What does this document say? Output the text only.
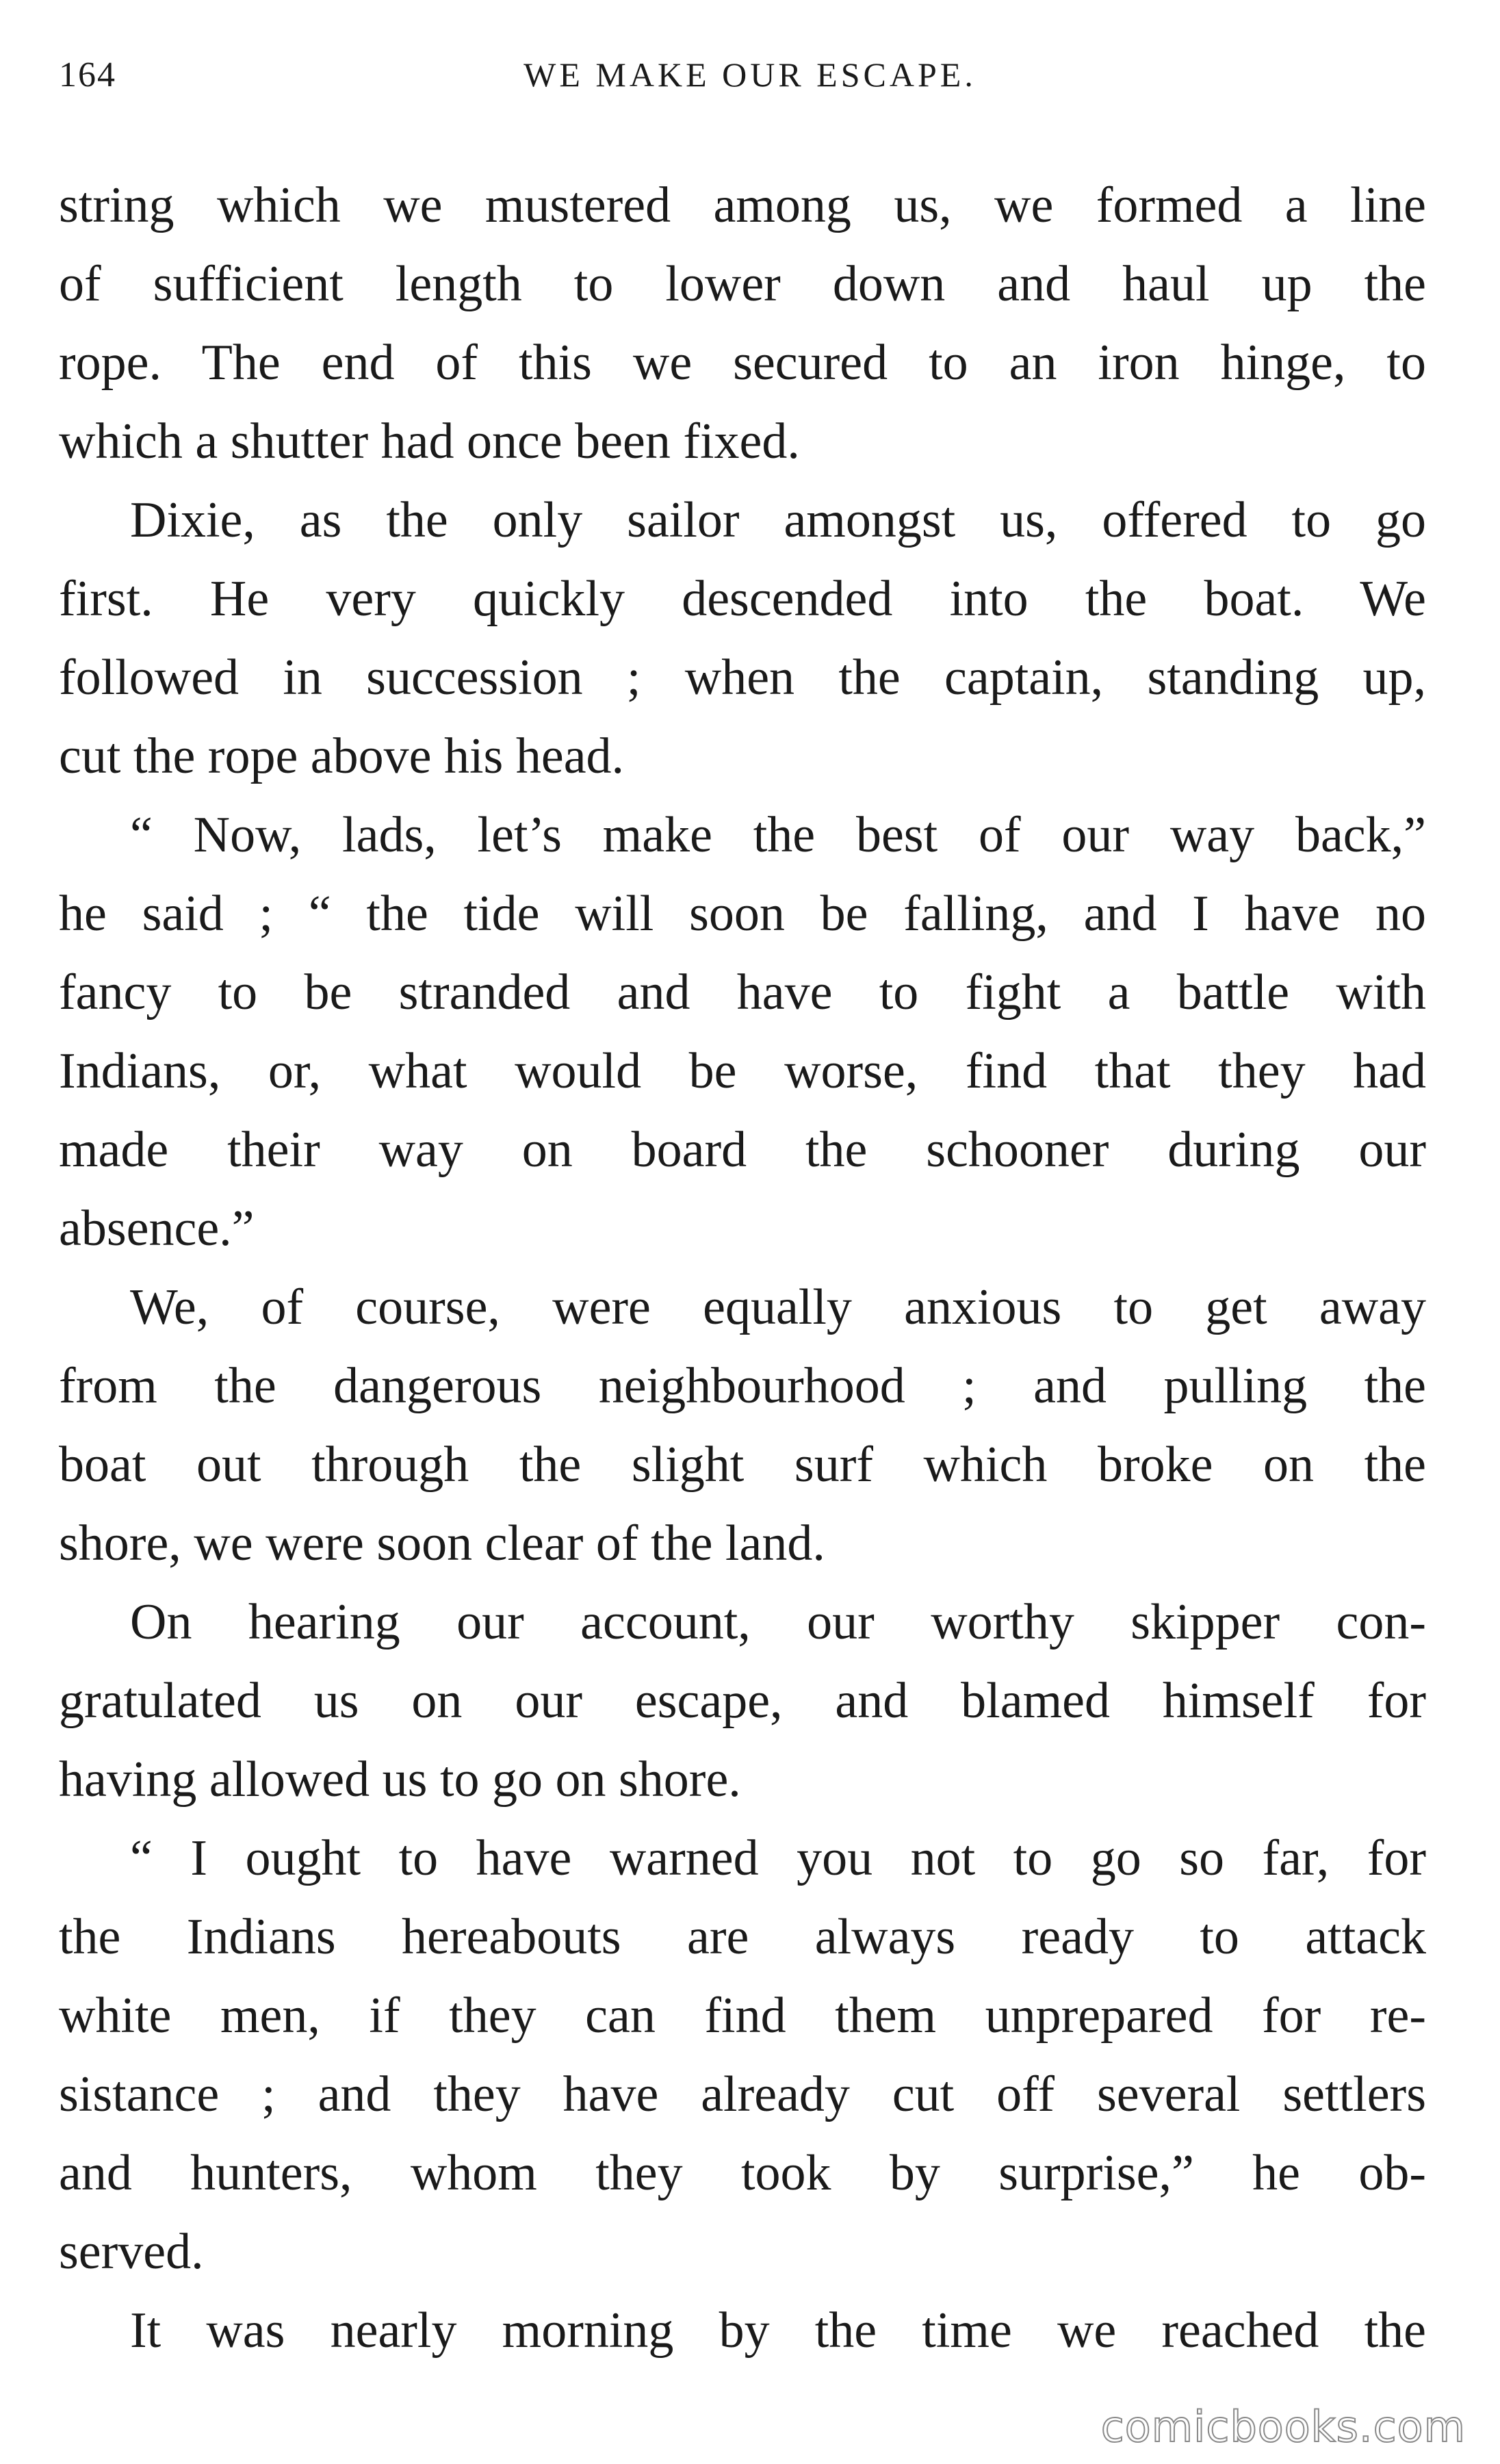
164	WE MAKE OUR ESCAPE.
string which we mustered among us, we formed a line
of sufficient length to lower down and haul up the
rope. The end of this we secured to an iron hinge, to
which a shutter had once been fixed.
Dixie, as the only sailor amongst us, offered to go
first. He very quickly descended into the boat. We
followed in succession ; when the captain, standing up,
cut the rope above his head.
“ Now, lads, let’s make the best of our way back,”
he said ; “ the tide will soon be falling, and I have no
fancy to be stranded and have to fight a battle with
Indians, or, what would be worse, find that they had
made their way on board the schooner during our
absence.”
We, of course, were equally anxious to get away
from the dangerous neighbourhood ; and pulling the
boat out through the slight surf which broke on the
shore, we were soon clear of the land.
On hearing our account, our worthy skipper con-
gratulated us on our escape, and blamed himself for
having allowed us to go on shore.
“ I ought to have warned you not to go so far, for
the Indians hereabouts are always ready to attack
white men, if they can find them unprepared for re-
sistance ; and they have already cut off several settlers
and hunters, whom they took by surprise,” he ob-
served.
It was nearly morning by the time we reached the
comicbooks.com
